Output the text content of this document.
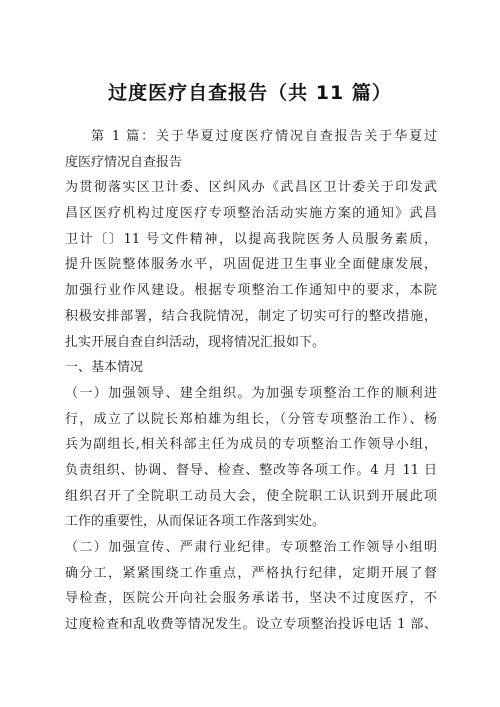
过度医疗自查报告（共 11 篇）
第 1 篇：关于华夏过度医疗情况自查报告关于华夏过
度医疗情况自查报告
为贯彻落实区卫计委、区纠风办《武昌区卫计委关于印发武
昌区医疗机构过度医疗专项整治活动实施方案的通知》武昌
卫计〔〕11 号文件精神，以提高我院医务人员服务素质，
提升医院整体服务水平，巩固促进卫生事业全面健康发展，
加强行业作风建设。根据专项整治工作通知中的要求，本院
积极安排部署，结合我院情况，制定了切实可行的整改措施，
扎实开展自查自纠活动，现将情况汇报如下。
一、基本情况
（一）加强领导、建全组织。为加强专项整治工作的顺利进
行，成立了以院长郑柏雄为组长，（分管专项整治工作）、杨
兵为副组长,相关科部主任为成员的专项整治工作领导小组，
负责组织、协调、督导、检查、整改等各项工作。4 月 11 日
组织召开了全院职工动员大会，使全院职工认识到开展此项
工作的重要性，从而保证各项工作落到实处。
（二）加强宣传、严肃行业纪律。专项整治工作领导小组明
确分工，紧紧围绕工作重点，严格执行纪律，定期开展了督
导检查，医院公开向社会服务承诺书，坚决不过度医疗，不
过度检查和乱收费等情况发生。设立专项整治投诉电话 1 部、
